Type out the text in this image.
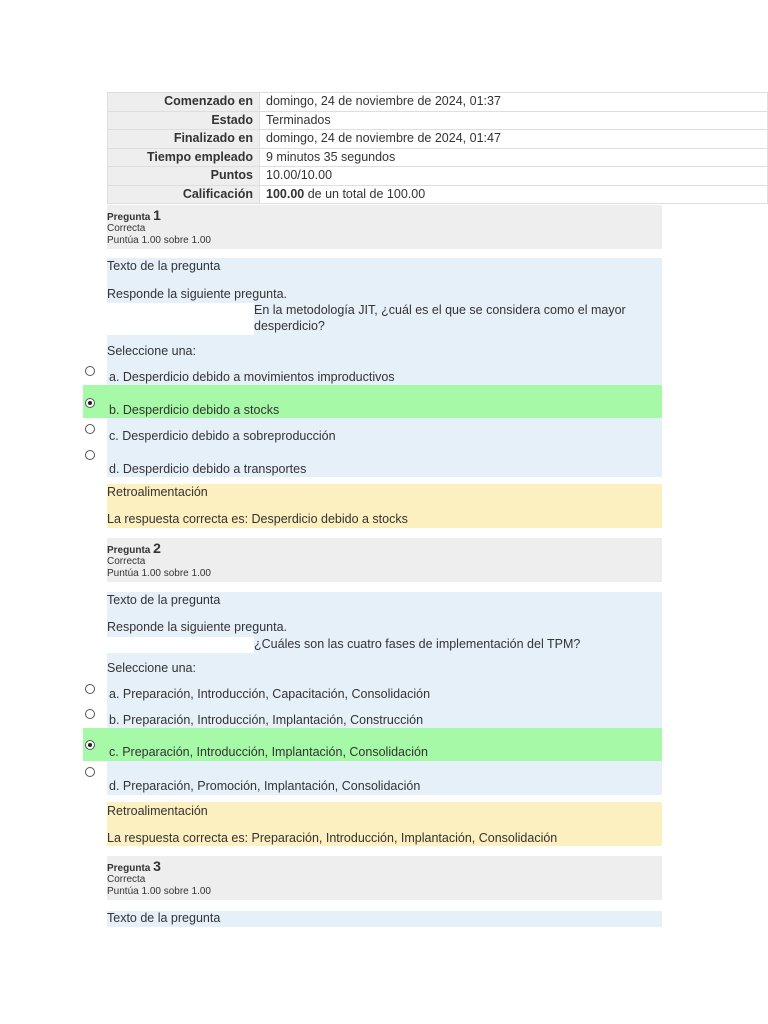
Comenzado en	domingo, 24 de noviembre de 2024, 01:37
Estado	Terminados
Finalizado en	domingo, 24 de noviembre de 2024, 01:47
Tiempo empleado	9 minutos 35 segundos
Puntos	10.00/10.00
Calificación	100.00 de un total de 100.00
Pregunta 1
Correcta
Puntúa 1.00 sobre 1.00
Texto de la pregunta
Responde la siguiente pregunta.
En la metodología JIT, ¿cuál es el que se considera como el mayor desperdicio?
Seleccione una:
a. Desperdicio debido a movimientos improductivos
b. Desperdicio debido a stocks
c. Desperdicio debido a sobreproducción
d. Desperdicio debido a transportes
Retroalimentación
La respuesta correcta es: Desperdicio debido a stocks
Pregunta 2
Correcta
Puntúa 1.00 sobre 1.00
Texto de la pregunta
Responde la siguiente pregunta.
¿Cuáles son las cuatro fases de implementación del TPM?
Seleccione una:
a. Preparación, Introducción, Capacitación, Consolidación
b. Preparación, Introducción, Implantación, Construcción
c. Preparación, Introducción, Implantación, Consolidación
d. Preparación, Promoción, Implantación, Consolidación
Retroalimentación
La respuesta correcta es: Preparación, Introducción, Implantación, Consolidación
Pregunta 3
Correcta
Puntúa 1.00 sobre 1.00
Texto de la pregunta
